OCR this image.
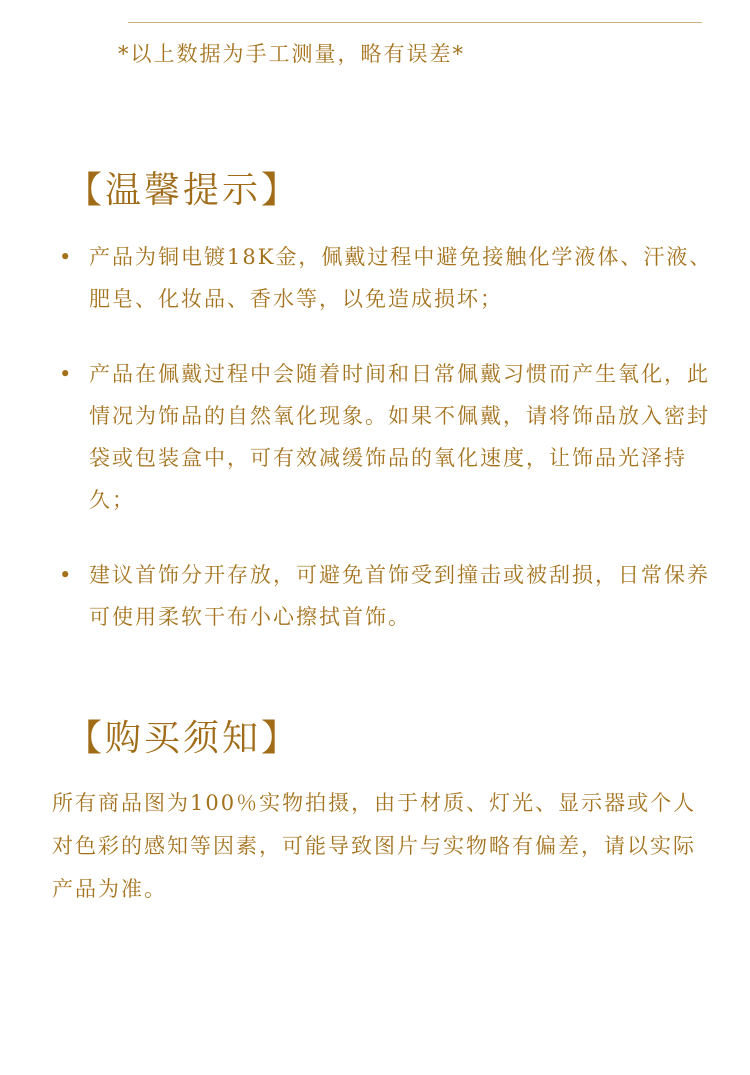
*以上数据为手工测量，略有误差*
【温馨提示】
• 产品为铜电镀18K金，佩戴过程中避免接触化学液体、汗液、肥皂、化妆品、香水等，以免造成损坏；
• 产品在佩戴过程中会随着时间和日常佩戴习惯而产生氧化，此情况为饰品的自然氧化现象。如果不佩戴，请将饰品放入密封袋或包装盒中，可有效减缓饰品的氧化速度，让饰品光泽持久；
• 建议首饰分开存放，可避免首饰受到撞击或被刮损，日常保养可使用柔软干布小心擦拭首饰。
【购买须知】
所有商品图为100％实物拍摄，由于材质、灯光、显示器或个人对色彩的感知等因素，可能导致图片与实物略有偏差，请以实际产品为准。
